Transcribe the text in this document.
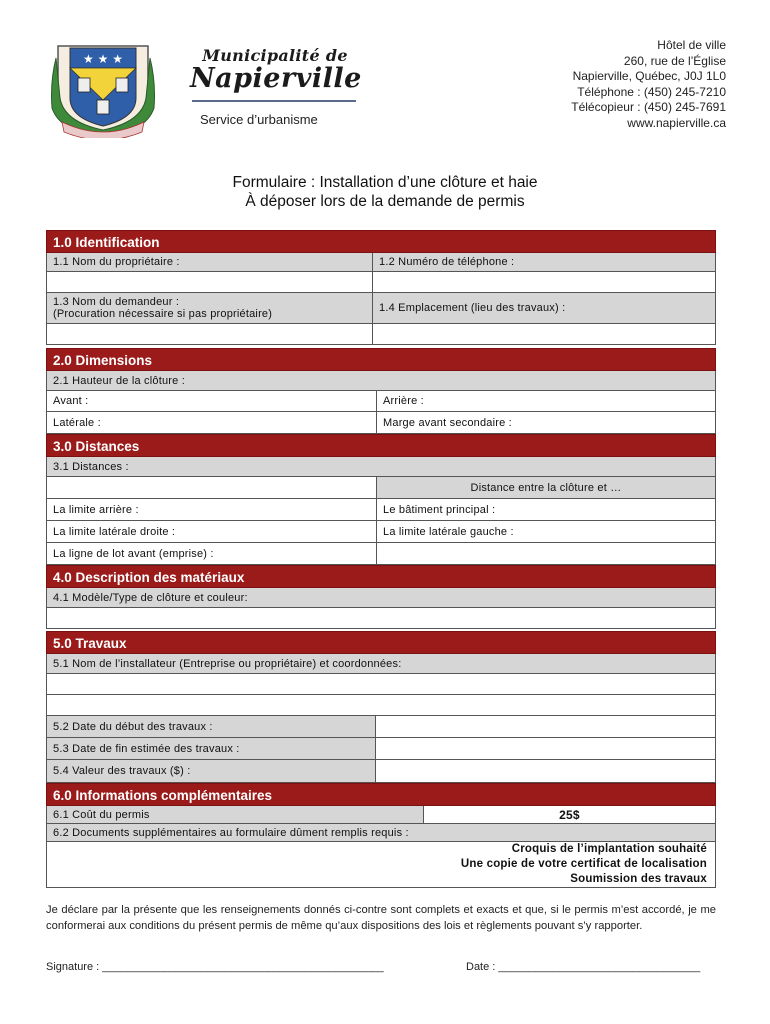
★ ★ ★	Municipalité de
Napierville
Service d’urbanisme
Hôtel de ville
260, rue de l’Église
Napierville, Québec, J0J 1L0
Téléphone : (450) 245-7210
Télécopieur : (450) 245-7691
www.napierville.ca
Formulaire : Installation d’une clôture et haie
À déposer lors de la demande de permis
1.0 Identification
1.1 Nom du propriétaire :	1.2 Numéro de téléphone :
1.3 Nom du demandeur :
(Procuration nécessaire si pas propriétaire)	1.4 Emplacement (lieu des travaux) :
2.0 Dimensions
2.1 Hauteur de la clôture :
Avant :	Arrière :
Latérale :	Marge avant secondaire :
3.0 Distances
3.1 Distances :
Distance entre la clôture et …
La limite arrière :	Le bâtiment principal :
La limite latérale droite :	La limite latérale gauche :
La ligne de lot avant (emprise) :
4.0 Description des matériaux
4.1 Modèle/Type de clôture et couleur:
5.0 Travaux
5.1 Nom de l’installateur (Entreprise ou propriétaire) et coordonnées:
5.2 Date du début des travaux :
5.3 Date de fin estimée des travaux :
5.4 Valeur des travaux ($) :
6.0 Informations complémentaires
6.1 Coût du permis	25$
6.2 Documents supplémentaires au formulaire dûment remplis requis :
Croquis de l’implantation souhaité
Une copie de votre certificat de localisation
Soumission des travaux
Je déclare par la présente que les renseignements donnés ci-contre sont complets et exacts et que, si le permis m’est accordé, je me conformerai aux conditions du présent permis de même qu’aux dispositions des lois et règlements pouvant s’y rapporter.
Signature : ______________________________________________	Date : _________________________________
